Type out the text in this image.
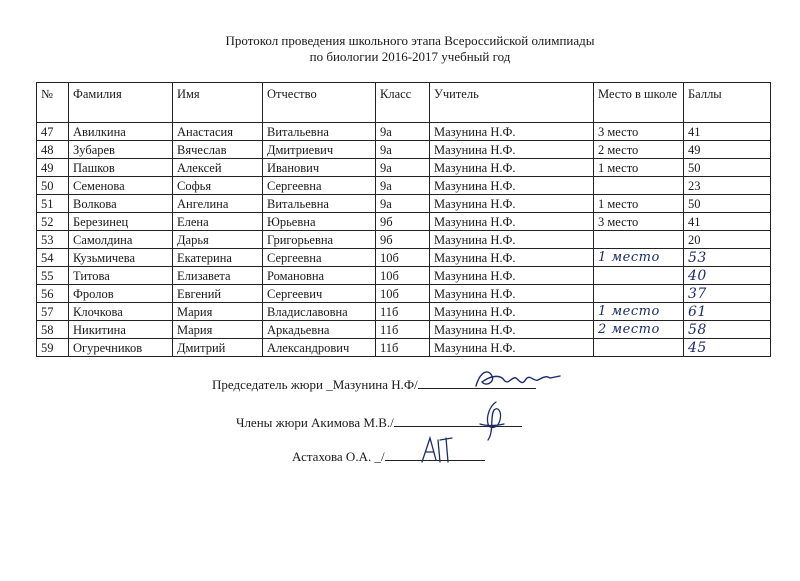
Протокол проведения школьного этапа Всероссийской олимпиады
по биологии 2016-2017 учебный год
№	Фамилия	Имя	Отчество	Класс	Учитель	Место в школе	Баллы
47	Авилкина	Анастасия	Витальевна	9а	Мазунина Н.Ф.	3 место	41
48	Зубарев	Вячеслав	Дмитриевич	9а	Мазунина Н.Ф.	2 место	49
49	Пашков	Алексей	Иванович	9а	Мазунина Н.Ф.	1 место	50
50	Семенова	Софья	Сергеевна	9а	Мазунина Н.Ф.		23
51	Волкова	Ангелина	Витальевна	9а	Мазунина Н.Ф.	1 место	50
52	Березинец	Елена	Юрьевна	9б	Мазунина Н.Ф.	3 место	41
53	Самолдина	Дарья	Григорьевна	9б	Мазунина Н.Ф.		20
54	Кузьмичева	Екатерина	Сергеевна	10б	Мазунина Н.Ф.	1 место	53
55	Титова	Елизавета	Романовна	10б	Мазунина Н.Ф.		40
56	Фролов	Евгений	Сергеевич	10б	Мазунина Н.Ф.		37
57	Клочкова	Мария	Владиславовна	11б	Мазунина Н.Ф.	1 место	61
58	Никитина	Мария	Аркадьевна	11б	Мазунина Н.Ф.	2 место	58
59	Огуречников	Дмитрий	Александрович	11б	Мазунина Н.Ф.		45
Председатель жюри _Мазунина Н.Ф/
Члены жюри Акимова М.В./
Астахова О.А. _/
